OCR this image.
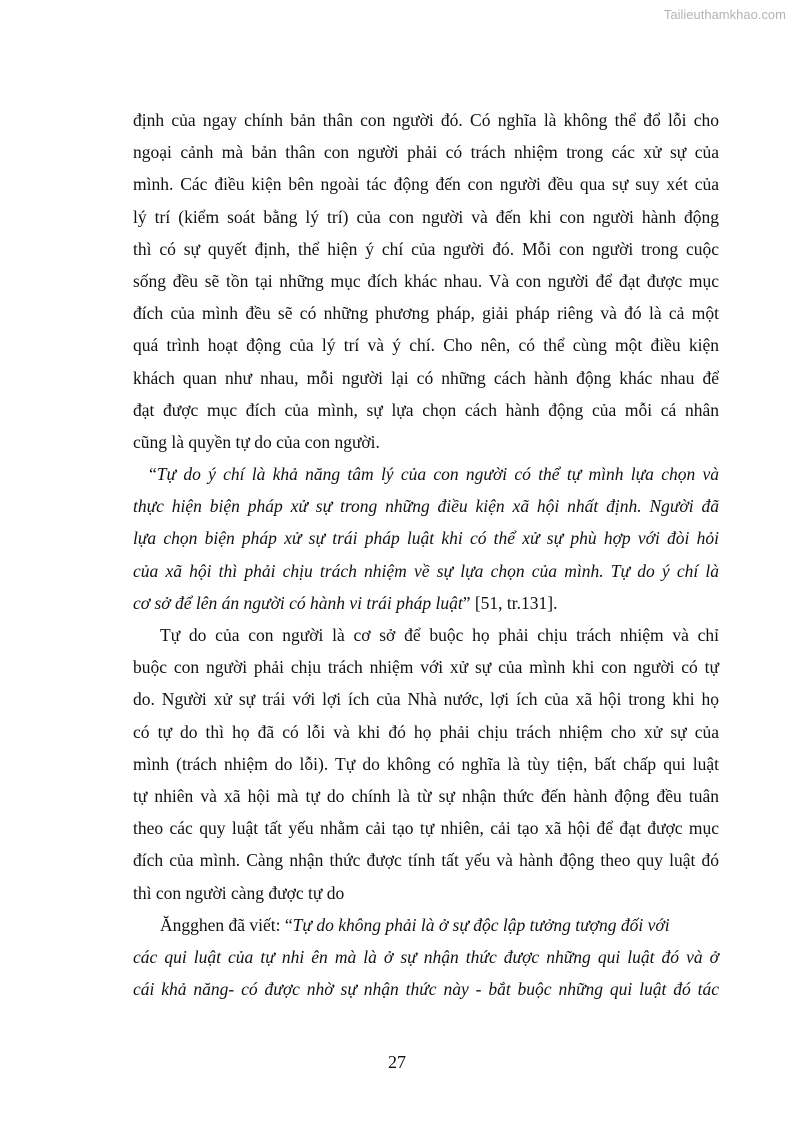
Tailieuthamkhao.com
định của ngay chính bản thân con người đó. Có nghĩa là không thể đổ lỗi cho
ngoại cảnh mà bản thân con người phải có trách nhiệm trong các xử sự của
mình. Các điều kiện bên ngoài tác động đến con người đều qua sự suy xét của
lý trí (kiểm soát bằng lý trí) của con người và đến khi con người hành động
thì có sự quyết định, thể hiện ý chí của người đó. Mỗi con người trong cuộc
sống đều sẽ tồn tại những mục đích khác nhau. Và con người để đạt được mục
đích của mình đều sẽ có những phương pháp, giải pháp riêng và đó là cả một
quá trình hoạt động của lý trí và ý chí. Cho nên, có thể cùng một điều kiện
khách quan như nhau, mỗi người lại có những cách hành động khác nhau để
đạt được mục đích của mình, sự lựa chọn cách hành động của mỗi cá nhân
cũng là quyền tự do của con người.
“Tự do ý chí là khả năng tâm lý của con người có thể tự mình lựa chọn và
thực hiện biện pháp xử sự trong những điều kiện xã hội nhất định. Người đã
lựa chọn biện pháp xử sự trái pháp luật khi có thể xử sự phù hợp với đòi hỏi
của xã hội thì phải chịu trách nhiệm về sự lựa chọn của mình. Tự do ý chí là
cơ sở để lên án người có hành vi trái pháp luật” [51, tr.131].
Tự do của con người là cơ sở để buộc họ phải chịu trách nhiệm và chỉ
buộc con người phải chịu trách nhiệm với xử sự của mình khi con người có tự
do. Người xử sự trái với lợi ích của Nhà nước, lợi ích của xã hội trong khi họ
có tự do thì họ đã có lỗi và khi đó họ phải chịu trách nhiệm cho xử sự của
mình (trách nhiệm do lỗi). Tự do không có nghĩa là tùy tiện, bất chấp qui luật
tự nhiên và xã hội mà tự do chính là từ sự nhận thức đến hành động đều tuân
theo các quy luật tất yếu nhằm cải tạo tự nhiên, cải tạo xã hội để đạt được mục
đích của mình. Càng nhận thức được tính tất yếu và hành động theo quy luật đó
thì con người càng được tự do
Ăngghen đã viết: “Tự do không phải là ở sự độc lập tưởng tượng đối với
các qui luật của tự nhi ên mà là ở sự nhận thức được những qui luật đó và ở
cái khả năng- có được nhờ sự nhận thức này - bắt buộc những qui luật đó tác
27
